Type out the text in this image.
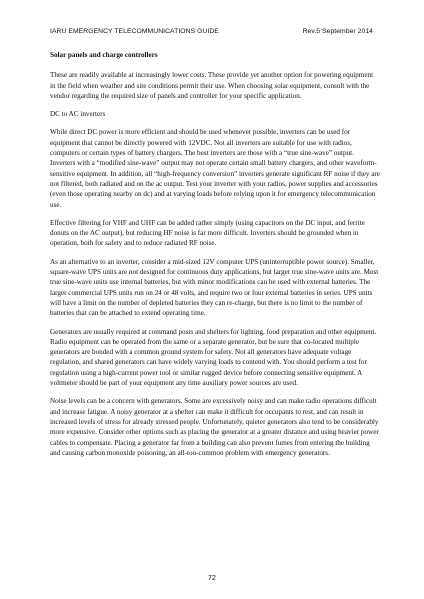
IARU EMERGENCY TELECOMMUNICATIONS GUIDE	Rev.5 September 2014

Solar panels and charge controllers

These are readily available at increasingly lower costs. These provide yet another option for powering equipment in the field when weather and site conditions permit their use. When choosing solar equipment, consult with the vendor regarding the required size of panels and controller for your specific application.

DC to AC inverters

While direct DC power is more efficient and should be used whenever possible, inverters can be used for equipment that cannot be directly powered with 12VDC. Not all inverters are suitable for use with radios, computers or certain types of battery chargers. The best inverters are those with a “true sine-wave” output. Inverters with a “modified sine-wave” output may not operate certain small battery chargers, and other waveform-sensitive equipment. In addition, all “high-frequency conversion” inverters generate significant RF noise if they are not filtered, both radiated and on the ac output. Test your inverter with your radios, power supplies and accessories (even those operating nearby on dc) and at varying loads before relying upon it for emergency telecommunication use.

Effective filtering for VHF and UHF can be added rather simply (using capacitors on the DC input, and ferrite donuts on the AC output), but reducing HF noise is far more difficult. Inverters should be grounded when in operation, both for safety and to reduce radiated RF noise.

As an alternative to an inverter, consider a mid-sized 12V computer UPS (uninterruptible power source). Smaller, square-wave UPS units are not designed for continuous duty applications, but larger true sine-wave units are. Most true sine-wave units use internal batteries, but with minor modifications can be used with external batteries. The larger commercial UPS units run on 24 or 48 volts, and require two or four external batteries in series. UPS units will have a limit on the number of depleted batteries they can re-charge, but there is no limit to the number of batteries that can be attached to extend operating time.

Generators are usually required at command posts and shelters for lighting, food preparation and other equipment. Radio equipment can be operated from the same or a separate generator, but be sure that co-located multiple generators are bonded with a common ground system for safety. Not all generators have adequate voltage regulation, and shared generators can have widely varying loads to contend with. You should perform a test for regulation using a high-current power tool or similar rugged device before connecting sensitive equipment. A voltmeter should be part of your equipment any time auxiliary power sources are used.

Noise levels can be a concern with generators. Some are excessively noisy and can make radio operations difficult and increase fatigue. A noisy generator at a shelter can make it difficult for occupants to rest, and can result in increased levels of stress for already stressed people. Unfortunately, quieter generators also tend to be considerably more expensive. Consider other options such as placing the generator at a greater distance and using heavier power cables to compensate. Placing a generator far from a building can also prevent fumes from entering the building and causing carbon monoxide poisoning, an all-too-common problem with emergency generators.

72
